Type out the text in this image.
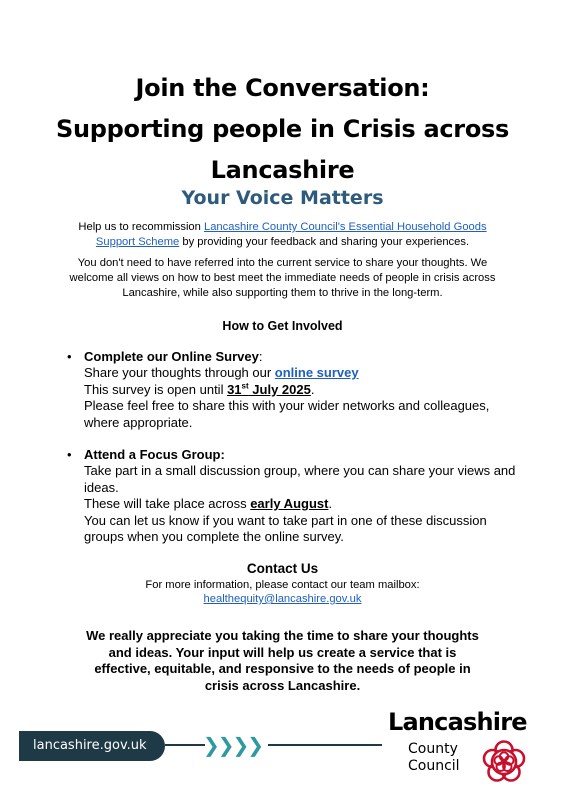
Join the Conversation:
Supporting people in Crisis across
Lancashire
Your Voice Matters

Help us to recommission Lancashire County Council's Essential Household Goods Support Scheme by providing your feedback and sharing your experiences.

You don't need to have referred into the current service to share your thoughts. We welcome all views on how to best meet the immediate needs of people in crisis across Lancashire, while also supporting them to thrive in the long-term.

How to Get Involved
• Complete our Online Survey:
Share your thoughts through our online survey
This survey is open until 31st July 2025.
Please feel free to share this with your wider networks and colleagues, where appropriate.
• Attend a Focus Group:
Take part in a small discussion group, where you can share your views and ideas.
These will take place across early August.
You can let us know if you want to take part in one of these discussion groups when you complete the online survey.
Contact Us
For more information, please contact our team mailbox:
healthequity@lancashire.gov.uk

We really appreciate you taking the time to share your thoughts and ideas. Your input will help us create a service that is effective, equitable, and responsive to the needs of people in crisis across Lancashire.

lancashire.gov.uk	❯❯❯❯
Lancashire
County
Council
